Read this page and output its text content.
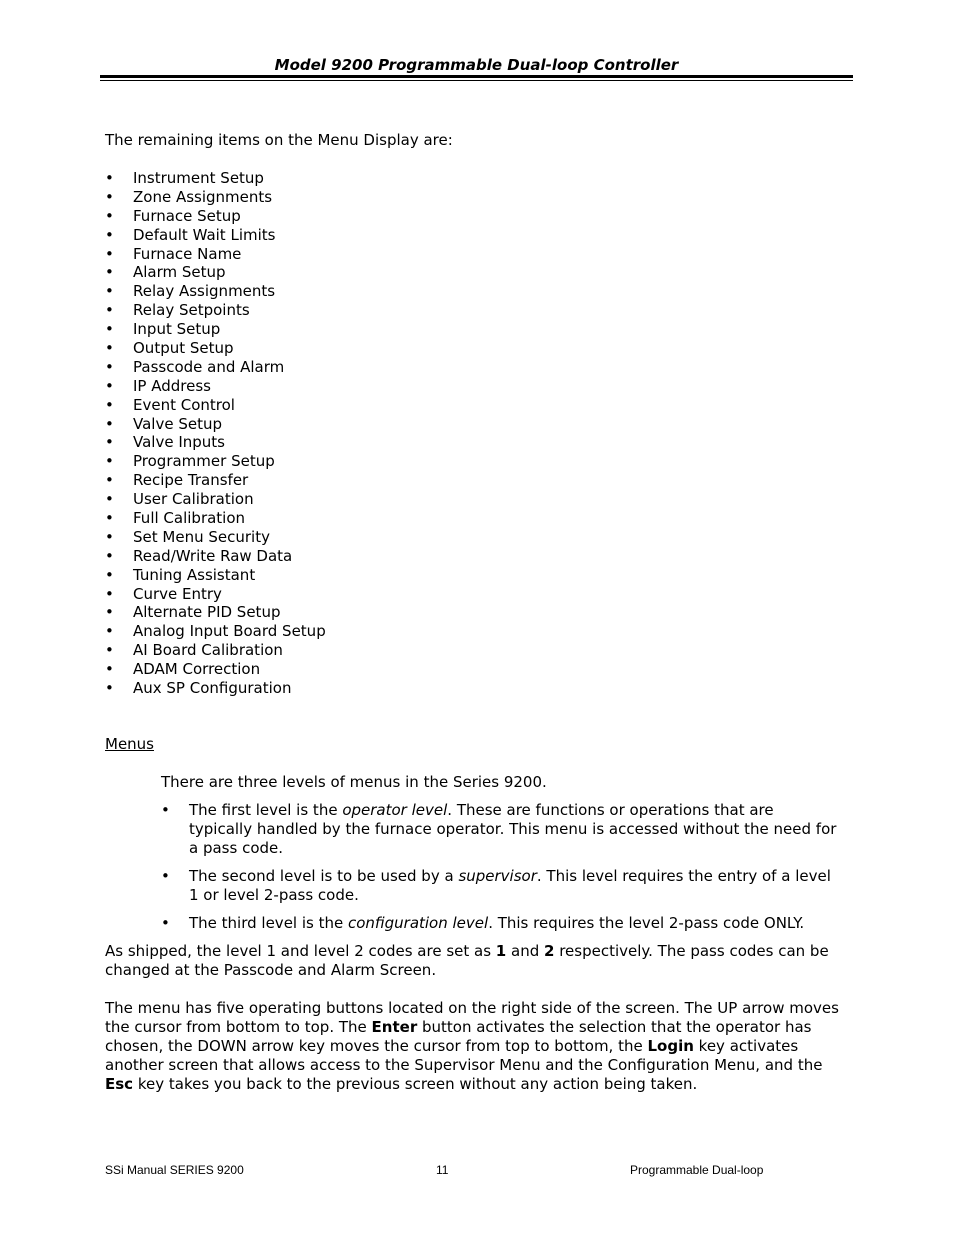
Model 9200 Programmable Dual-loop Controller
The remaining items on the Menu Display are:
• Instrument Setup
• Zone Assignments
• Furnace Setup
• Default Wait Limits
• Furnace Name
• Alarm Setup
• Relay Assignments
• Relay Setpoints
• Input Setup
• Output Setup
• Passcode and Alarm
• IP Address
• Event Control
• Valve Setup
• Valve Inputs
• Programmer Setup
• Recipe Transfer
• User Calibration
• Full Calibration
• Set Menu Security
• Read/Write Raw Data
• Tuning Assistant
• Curve Entry
• Alternate PID Setup
• Analog Input Board Setup
• AI Board Calibration
• ADAM Correction
• Aux SP Configuration
Menus
There are three levels of menus in the Series 9200.
• The first level is the operator level. These are functions or operations that are typically handled by the furnace operator. This menu is accessed without the need for a pass code.
• The second level is to be used by a supervisor. This level requires the entry of a level 1 or level 2-pass code.
• The third level is the configuration level. This requires the level 2-pass code ONLY.
As shipped, the level 1 and level 2 codes are set as 1 and 2 respectively. The pass codes can be changed at the Passcode and Alarm Screen.
The menu has five operating buttons located on the right side of the screen. The UP arrow moves the cursor from bottom to top. The Enter button activates the selection that the operator has chosen, the DOWN arrow key moves the cursor from top to bottom, the Login key activates another screen that allows access to the Supervisor Menu and the Configuration Menu, and the Esc key takes you back to the previous screen without any action being taken.
SSi Manual SERIES 9200	11	Programmable Dual-loop
